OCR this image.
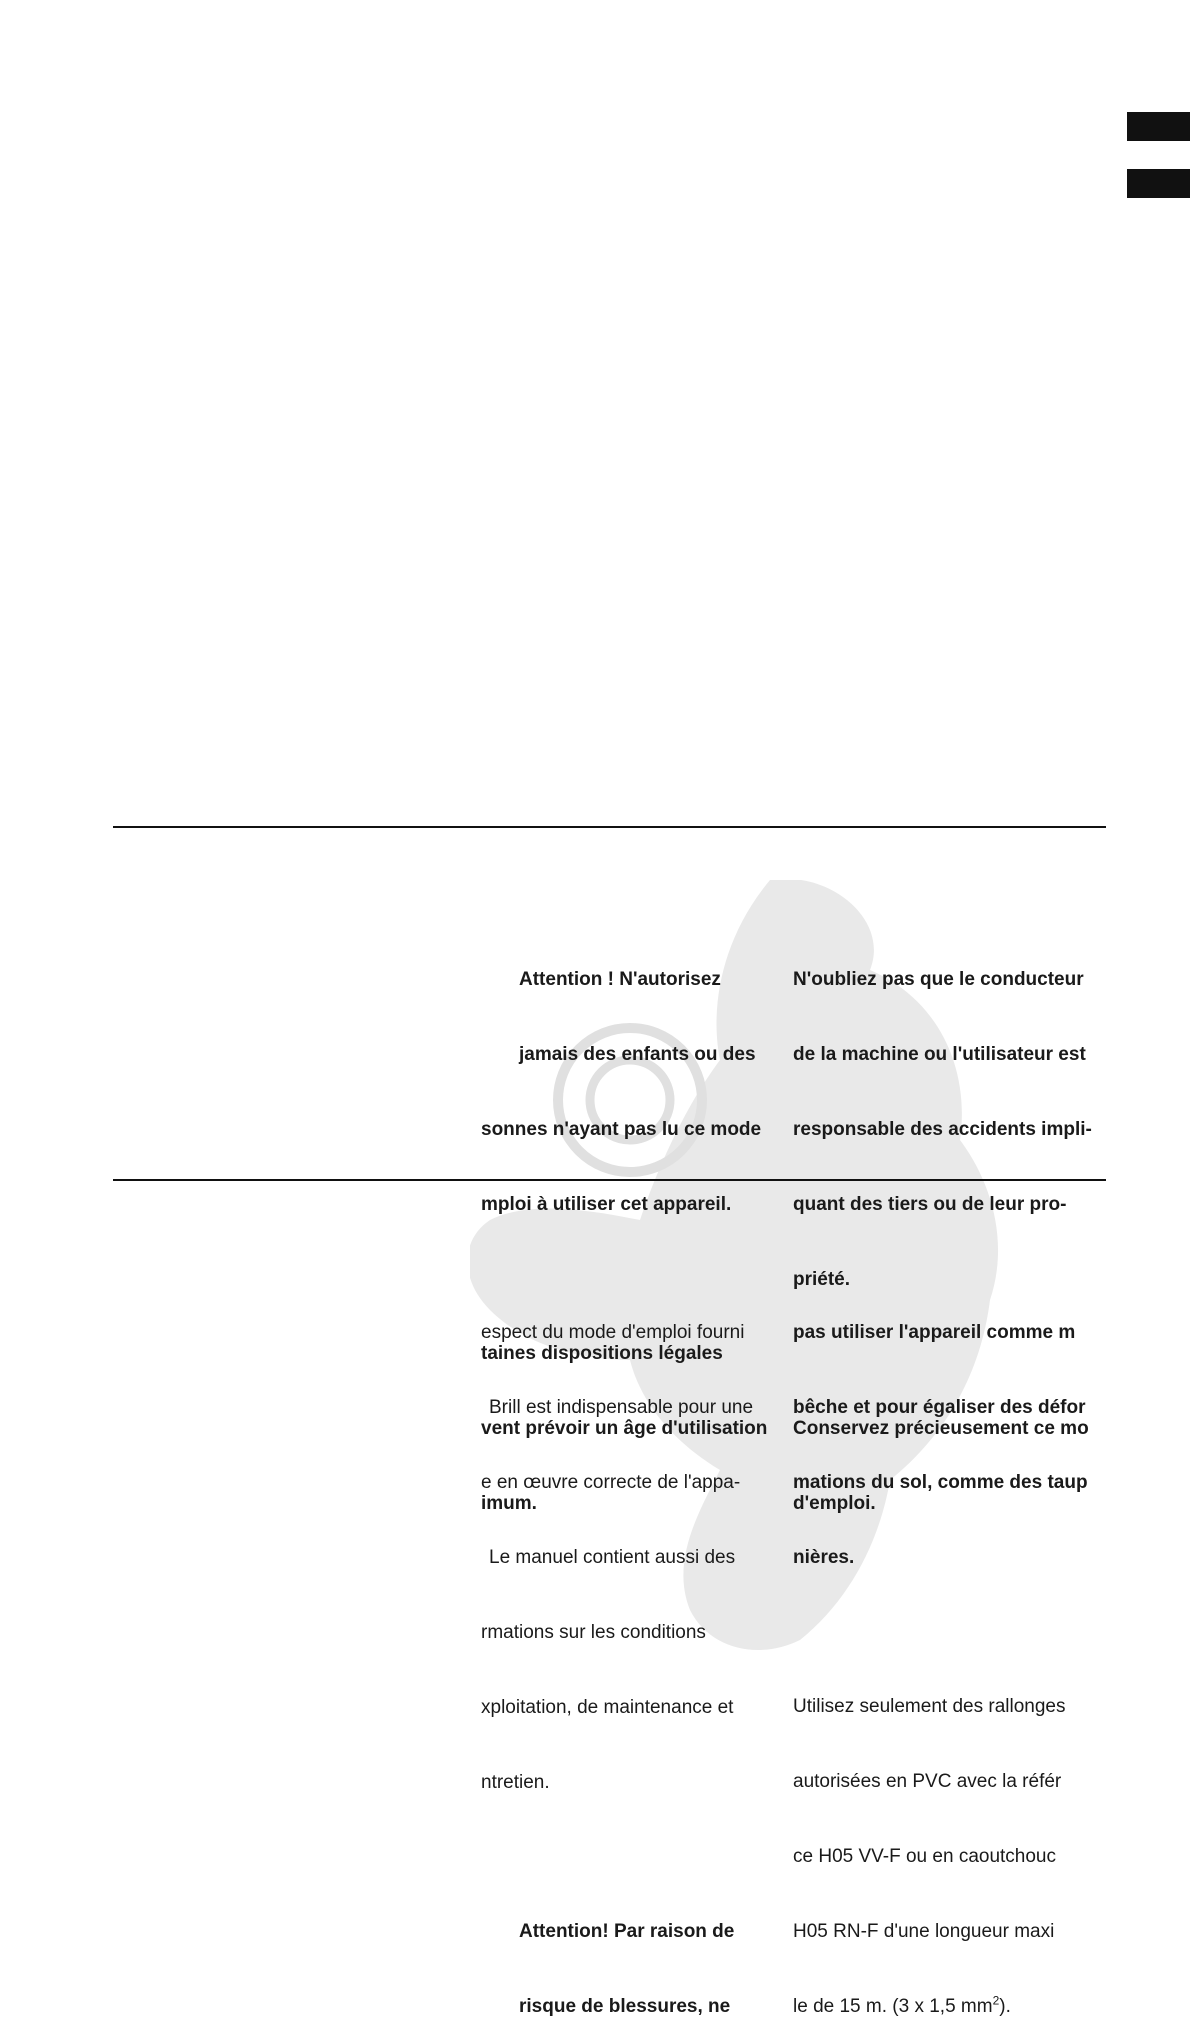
Attention ! N'autorisez

jamais des enfants ou des

sonnes n'ayant pas lu ce mode

mploi à utiliser cet appareil.

taines dispositions légales

vent prévoir un âge d'utilisation

imum.

N'oubliez pas que le conducteur

de la machine ou l'utilisateur est

responsable des accidents impli-

quant des tiers ou de leur pro-

priété.

Conservez précieusement ce mo

d'emploi.

espect du mode d'emploi fourni

Brill est indispensable pour une

e en œuvre correcte de l'appa-

Le manuel contient aussi des

rmations sur les conditions

xploitation, de maintenance et

ntretien.

Attention! Par raison de

risque de blessures, ne

pas utiliser l'appareil comme m

bêche et pour égaliser des défor

mations du sol, comme des taup

nières.

Utilisez seulement des rallonges

autorisées en PVC avec la référ

ce H05 VV-F ou en caoutchouc

H05 RN-F d'une longueur maxi

le de 15 m. (3 x 1,5 $mm^2$).
